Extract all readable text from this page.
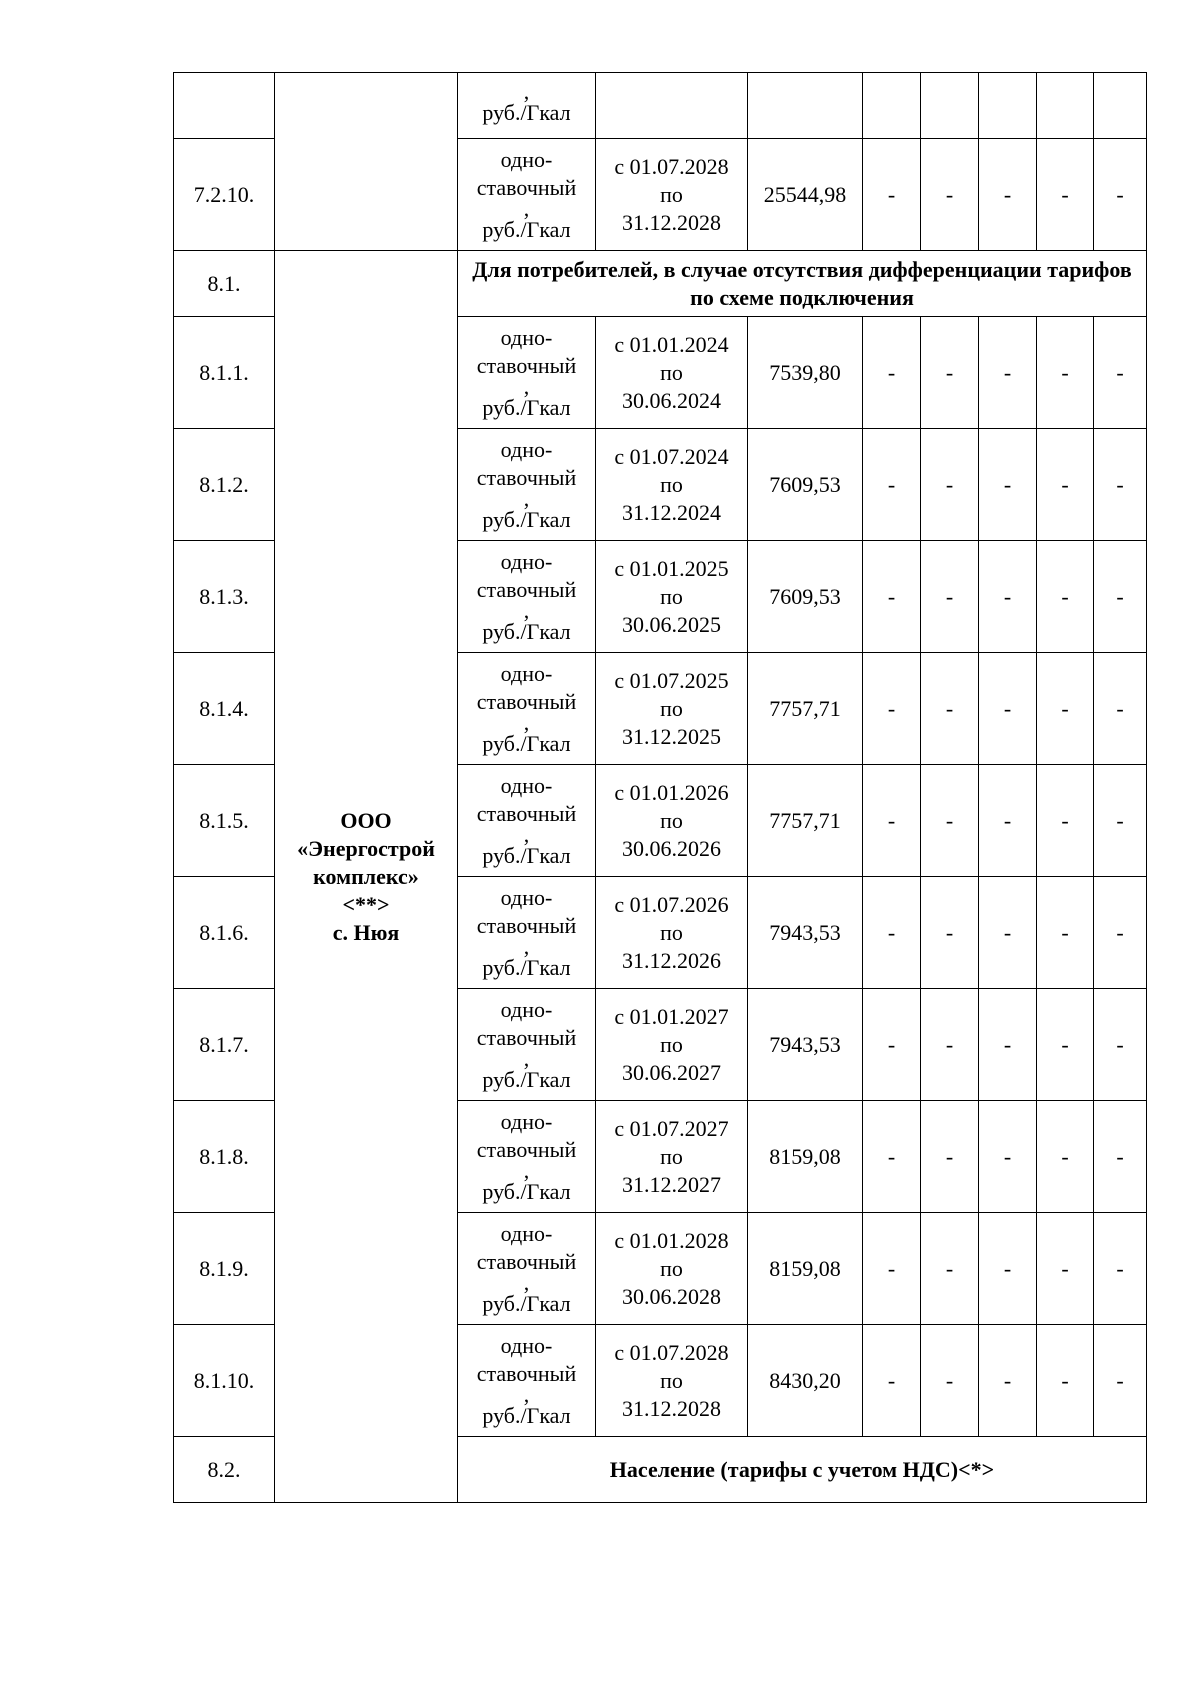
		,
руб./Гкал							

7.2.10.		одно-
ставочный
,
руб./Гкал	с 01.07.2028
по
31.12.2028	25544,98	-	-	-	-	-
8.1.	ООО
«Энергострой
комплекс»
<**>
с. Нюя	Для потребителей, в случае отсутствия дифференциации тарифов по схеме подключения							
8.1.1.		одно-
ставочный
,
руб./Гкал	с 01.01.2024
по
30.06.2024	7539,80	-	-	-	-	-
8.1.2.		одно-
ставочный
,
руб./Гкал	с 01.07.2024
по
31.12.2024	7609,53	-	-	-	-	-
8.1.3.		одно-
ставочный
,
руб./Гкал	с 01.01.2025
по
30.06.2025	7609,53	-	-	-	-	-
8.1.4.		одно-
ставочный
,
руб./Гкал	с 01.07.2025
по
31.12.2025	7757,71	-	-	-	-	-
8.1.5.		одно-
ставочный
,
руб./Гкал	с 01.01.2026
по
30.06.2026	7757,71	-	-	-	-	-
8.1.6.		одно-
ставочный
,
руб./Гкал	с 01.07.2026
по
31.12.2026	7943,53	-	-	-	-	-
8.1.7.		одно-
ставочный
,
руб./Гкал	с 01.01.2027
по
30.06.2027	7943,53	-	-	-	-	-
8.1.8.		одно-
ставочный
,
руб./Гкал	с 01.07.2027
по
31.12.2027	8159,08	-	-	-	-	-
8.1.9.		одно-
ставочный
,
руб./Гкал	с 01.01.2028
по
30.06.2028	8159,08	-	-	-	-	-
8.1.10.		одно-
ставочный
,
руб./Гкал	с 01.07.2028
по
31.12.2028	8430,20	-	-	-	-	-
8.2.		Население (тарифы с учетом НДС)<*>							
